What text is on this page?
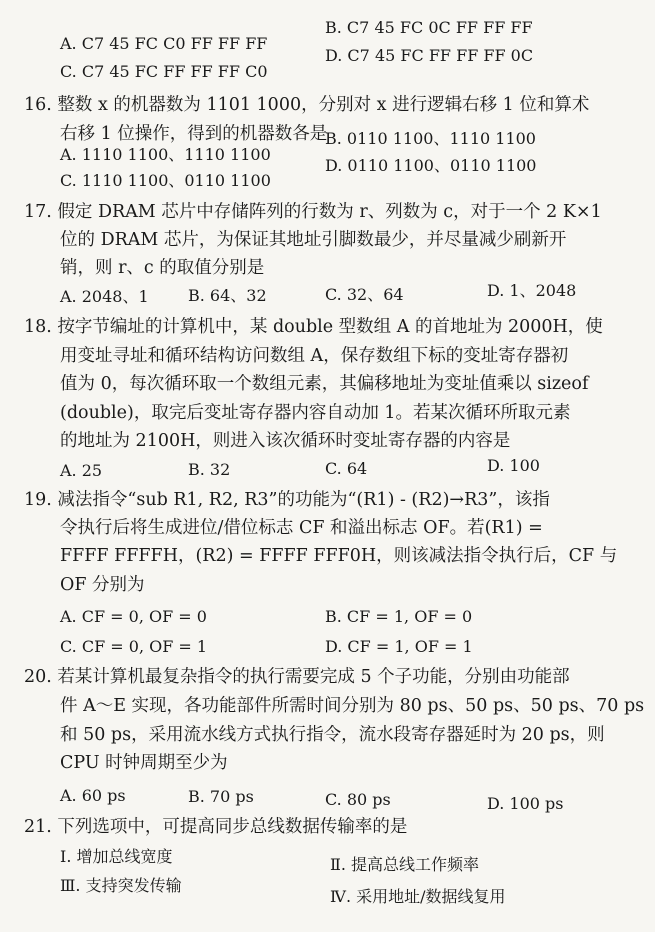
A. C7 45 FC C0 FF FF FF
B. C7 45 FC 0C FF FF FF
C. C7 45 FC FF FF FF C0
D. C7 45 FC FF FF FF 0C
16. 整数 x 的机器数为 1101 1000，分别对 x 进行逻辑右移 1 位和算术
右移 1 位操作，得到的机器数各是
A. 1110 1100、1110 1100
B. 0110 1100、1110 1100
C. 1110 1100、0110 1100
D. 0110 1100、0110 1100
17. 假定 DRAM 芯片中存储阵列的行数为 r、列数为 c，对于一个 2 K×1
位的 DRAM 芯片，为保证其地址引脚数最少，并尽量减少刷新开
销，则 r、c 的取值分别是
A. 2048、1 B. 64、32	C. 32、64	D. 1、2048
18. 按字节编址的计算机中，某 double 型数组 A 的首地址为 2000H，使
用变址寻址和循环结构访问数组 A，保存数组下标的变址寄存器初
值为 0，每次循环取一个数组元素，其偏移地址为变址值乘以 sizeof
(double)，取完后变址寄存器内容自动加 1。若某次循环所取元素
的地址为 2100H，则进入该次循环时变址寄存器的内容是
A. 25	B. 32	C. 64	D. 100
19. 减法指令“sub R1, R2, R3”的功能为“(R1) - (R2)→R3”，该指
令执行后将生成进位/借位标志 CF 和溢出标志 OF。若(R1) =
FFFF FFFFH，(R2) = FFFF FFF0H，则该减法指令执行后，CF 与
OF 分别为
A. CF = 0, OF = 0	B. CF = 1, OF = 0
C. CF = 0, OF = 1	D. CF = 1, OF = 1
20. 若某计算机最复杂指令的执行需要完成 5 个子功能，分别由功能部
件 A～E 实现，各功能部件所需时间分别为 80 ps、50 ps、50 ps、70 ps
和 50 ps，采用流水线方式执行指令，流水段寄存器延时为 20 ps，则
CPU 时钟周期至少为
A. 60 ps	B. 70 ps	C. 80 ps	D. 100 ps
21. 下列选项中，可提高同步总线数据传输率的是
Ⅰ. 增加总线宽度	Ⅱ. 提高总线工作频率
Ⅲ. 支持突发传输
Ⅳ. 采用地址/数据线复用
